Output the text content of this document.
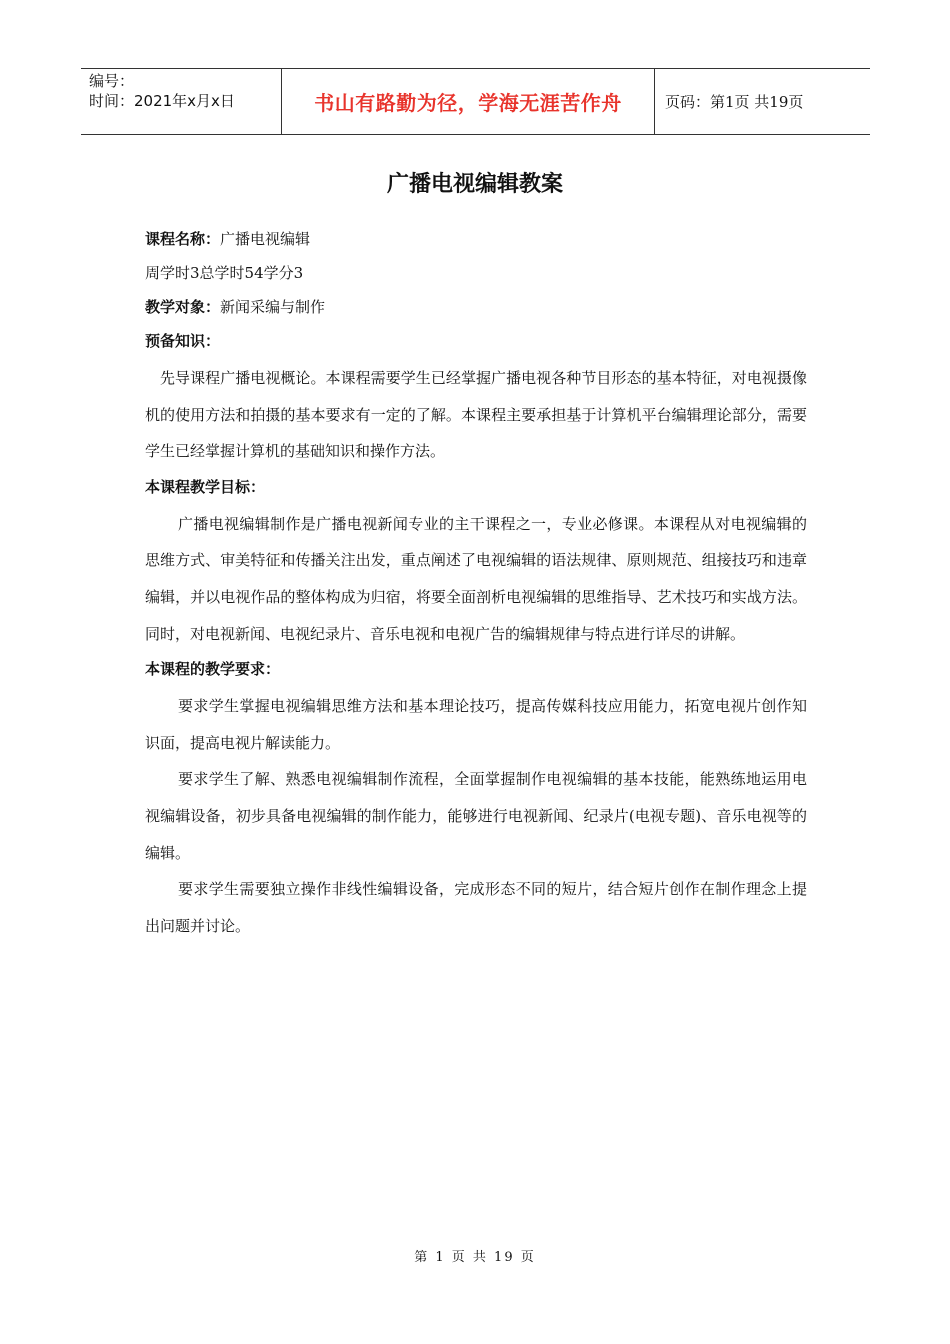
编号：
时间：2021年x月x日	书山有路勤为径，学海无涯苦作舟	页码：第1页 共19页
广播电视编辑教案
课程名称：广播电视编辑
周学时3总学时54学分3
教学对象：新闻采编与制作
预备知识：
先导课程广播电视概论。本课程需要学生已经掌握广播电视各种节目形态的基本特征，对电视摄像机的使用方法和拍摄的基本要求有一定的了解。本课程主要承担基于计算机平台编辑理论部分，需要学生已经掌握计算机的基础知识和操作方法。
本课程教学目标：
广播电视编辑制作是广播电视新闻专业的主干课程之一，专业必修课。本课程从对电视编辑的思维方式、审美特征和传播关注出发，重点阐述了电视编辑的语法规律、原则规范、组接技巧和违章编辑，并以电视作品的整体构成为归宿，将要全面剖析电视编辑的思维指导、艺术技巧和实战方法。同时，对电视新闻、电视纪录片、音乐电视和电视广告的编辑规律与特点进行详尽的讲解。
本课程的教学要求：
要求学生掌握电视编辑思维方法和基本理论技巧，提高传媒科技应用能力，拓宽电视片创作知识面，提高电视片解读能力。
要求学生了解、熟悉电视编辑制作流程，全面掌握制作电视编辑的基本技能，能熟练地运用电视编辑设备，初步具备电视编辑的制作能力，能够进行电视新闻、纪录片(电视专题)、音乐电视等的编辑。
要求学生需要独立操作非线性编辑设备，完成形态不同的短片，结合短片创作在制作理念上提出问题并讨论。
第 1 页 共 19 页
